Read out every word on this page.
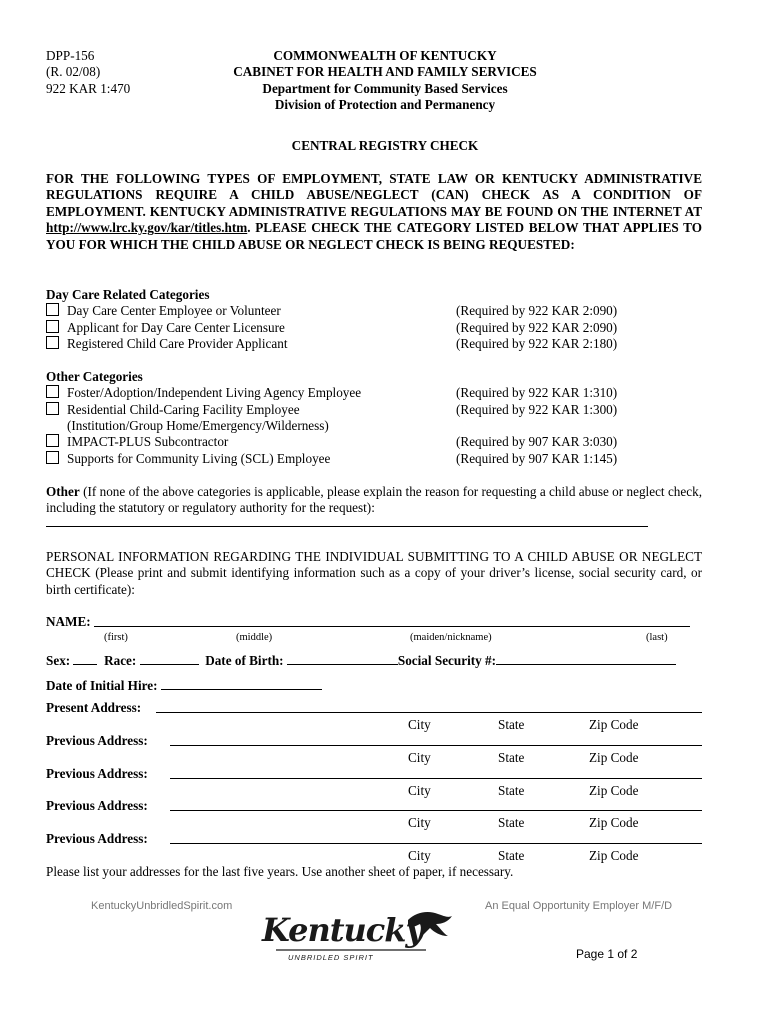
DPP-156
(R. 02/08)
922 KAR 1:470
COMMONWEALTH OF KENTUCKY
CABINET FOR HEALTH AND FAMILY SERVICES
Department for Community Based Services
Division of Protection and Permanency
CENTRAL REGISTRY CHECK
FOR THE FOLLOWING TYPES OF EMPLOYMENT, STATE LAW OR KENTUCKY ADMINISTRATIVE REGULATIONS REQUIRE A CHILD ABUSE/NEGLECT (CAN) CHECK AS A CONDITION OF EMPLOYMENT. KENTUCKY ADMINISTRATIVE REGULATIONS MAY BE FOUND ON THE INTERNET AT http://www.lrc.ky.gov/kar/titles.htm. PLEASE CHECK THE CATEGORY LISTED BELOW THAT APPLIES TO YOU FOR WHICH THE CHILD ABUSE OR NEGLECT CHECK IS BEING REQUESTED:
Day Care Related Categories
Day Care Center Employee or Volunteer	(Required by 922 KAR 2:090)
Applicant for Day Care Center Licensure	(Required by 922 KAR 2:090)
Registered Child Care Provider Applicant	(Required by 922 KAR 2:180)
Other Categories
Foster/Adoption/Independent Living Agency Employee	(Required by 922 KAR 1:310)
Residential Child-Caring Facility Employee	(Required by 922 KAR 1:300)
(Institution/Group Home/Emergency/Wilderness)
IMPACT-PLUS Subcontractor	(Required by 907 KAR 3:030)
Supports for Community Living (SCL) Employee	(Required by 907 KAR 1:145)
Other (If none of the above categories is applicable, please explain the reason for requesting a child abuse or neglect check, including the statutory or regulatory authority for the request):
PERSONAL INFORMATION REGARDING THE INDIVIDUAL SUBMITTING TO A CHILD ABUSE OR NEGLECT CHECK (Please print and submit identifying information such as a copy of your driver’s license, social security card, or birth certificate):
NAME:
(first)	(middle)	(maiden/nickname)	(last)
Sex:	Race:	Date of Birth:	Social Security #:
Date of Initial Hire:
Present Address:
City	State	Zip Code
Previous Address:
City	State	Zip Code
Previous Address:
City	State	Zip Code
Previous Address:
City	State	Zip Code
Previous Address:
City	State	Zip Code
Please list your addresses for the last five years. Use another sheet of paper, if necessary.
KentuckyUnbridledSpirit.com	An Equal Opportunity Employer M/F/D
Kentucky
UNBRIDLED SPIRIT	Page 1 of 2
